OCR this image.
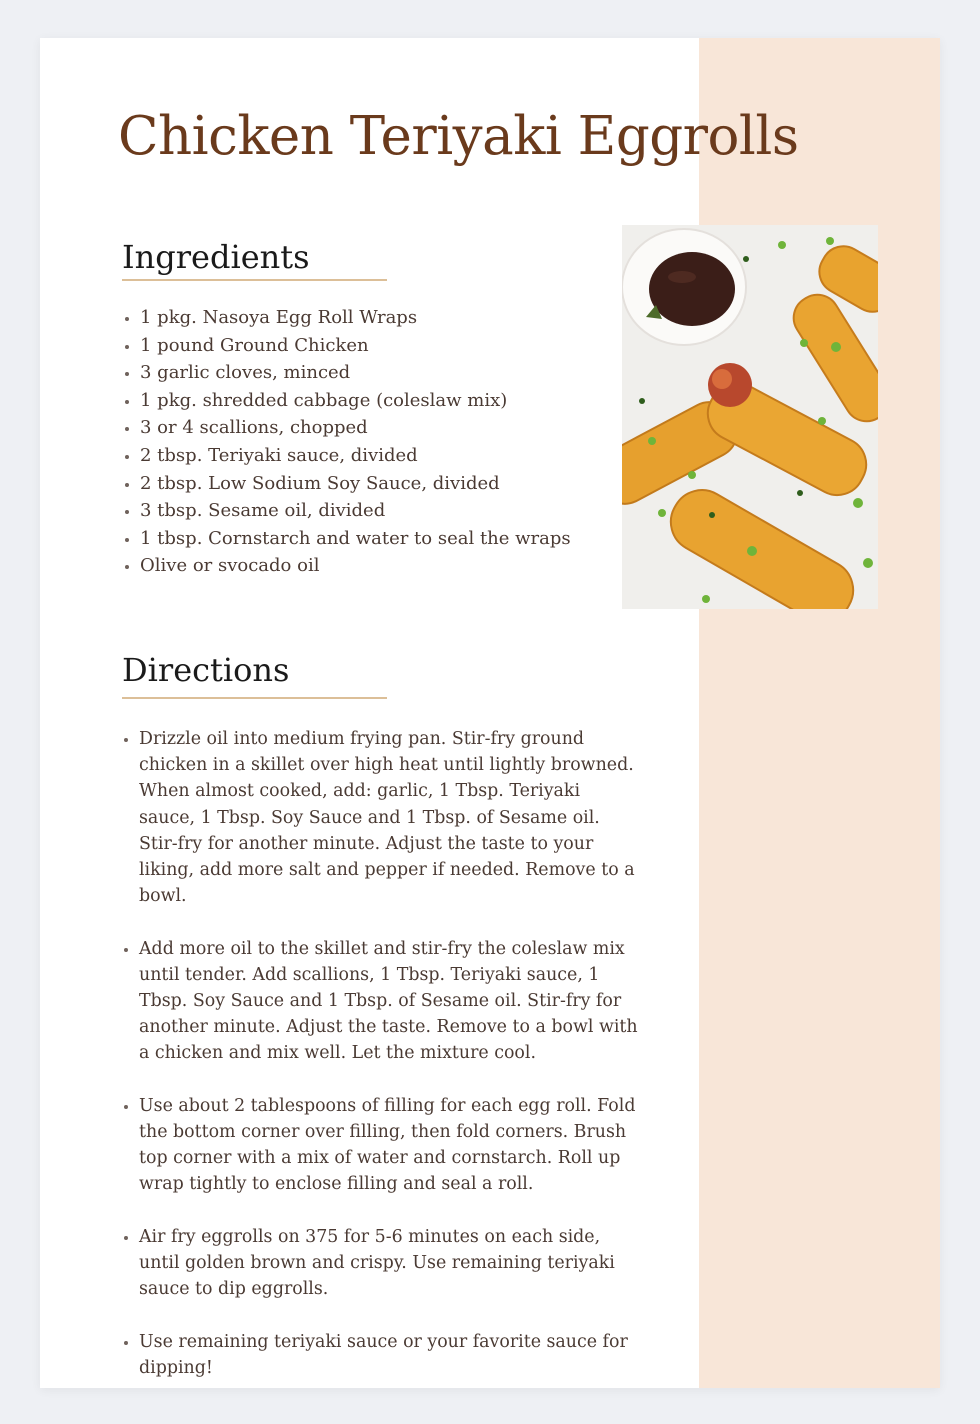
Chicken Teriyaki Eggrolls
Ingredients
• 1 pkg. Nasoya Egg Roll Wraps
• 1 pound Ground Chicken
• 3 garlic cloves, minced
• 1 pkg. shredded cabbage (coleslaw mix)
• 3 or 4 scallions, chopped
• 2 tbsp. Teriyaki sauce, divided
• 2 tbsp. Low Sodium Soy Sauce, divided
• 3 tbsp. Sesame oil, divided
• 1 tbsp. Cornstarch and water to seal the wraps
• Olive or svocado oil
Directions
• Drizzle oil into medium frying pan. Stir-fry ground chicken in a skillet over high heat until lightly browned. When almost cooked, add: garlic, 1 Tbsp. Teriyaki sauce, 1 Tbsp. Soy Sauce and 1 Tbsp. of Sesame oil. Stir-fry for another minute. Adjust the taste to your liking, add more salt and pepper if needed. Remove to a bowl.
• Add more oil to the skillet and stir-fry the coleslaw mix until tender. Add scallions, 1 Tbsp. Teriyaki sauce, 1 Tbsp. Soy Sauce and 1 Tbsp. of Sesame oil. Stir-fry for another minute. Adjust the taste. Remove to a bowl with a chicken and mix well. Let the mixture cool.
• Use about 2 tablespoons of filling for each egg roll. Fold the bottom corner over filling, then fold corners. Brush top corner with a mix of water and cornstarch. Roll up wrap tightly to enclose filling and seal a roll.
• Air fry eggrolls on 375 for 5-6 minutes on each side, until golden brown and crispy. Use remaining teriyaki sauce to dip eggrolls.
• Use remaining teriyaki sauce or your favorite sauce for dipping!
